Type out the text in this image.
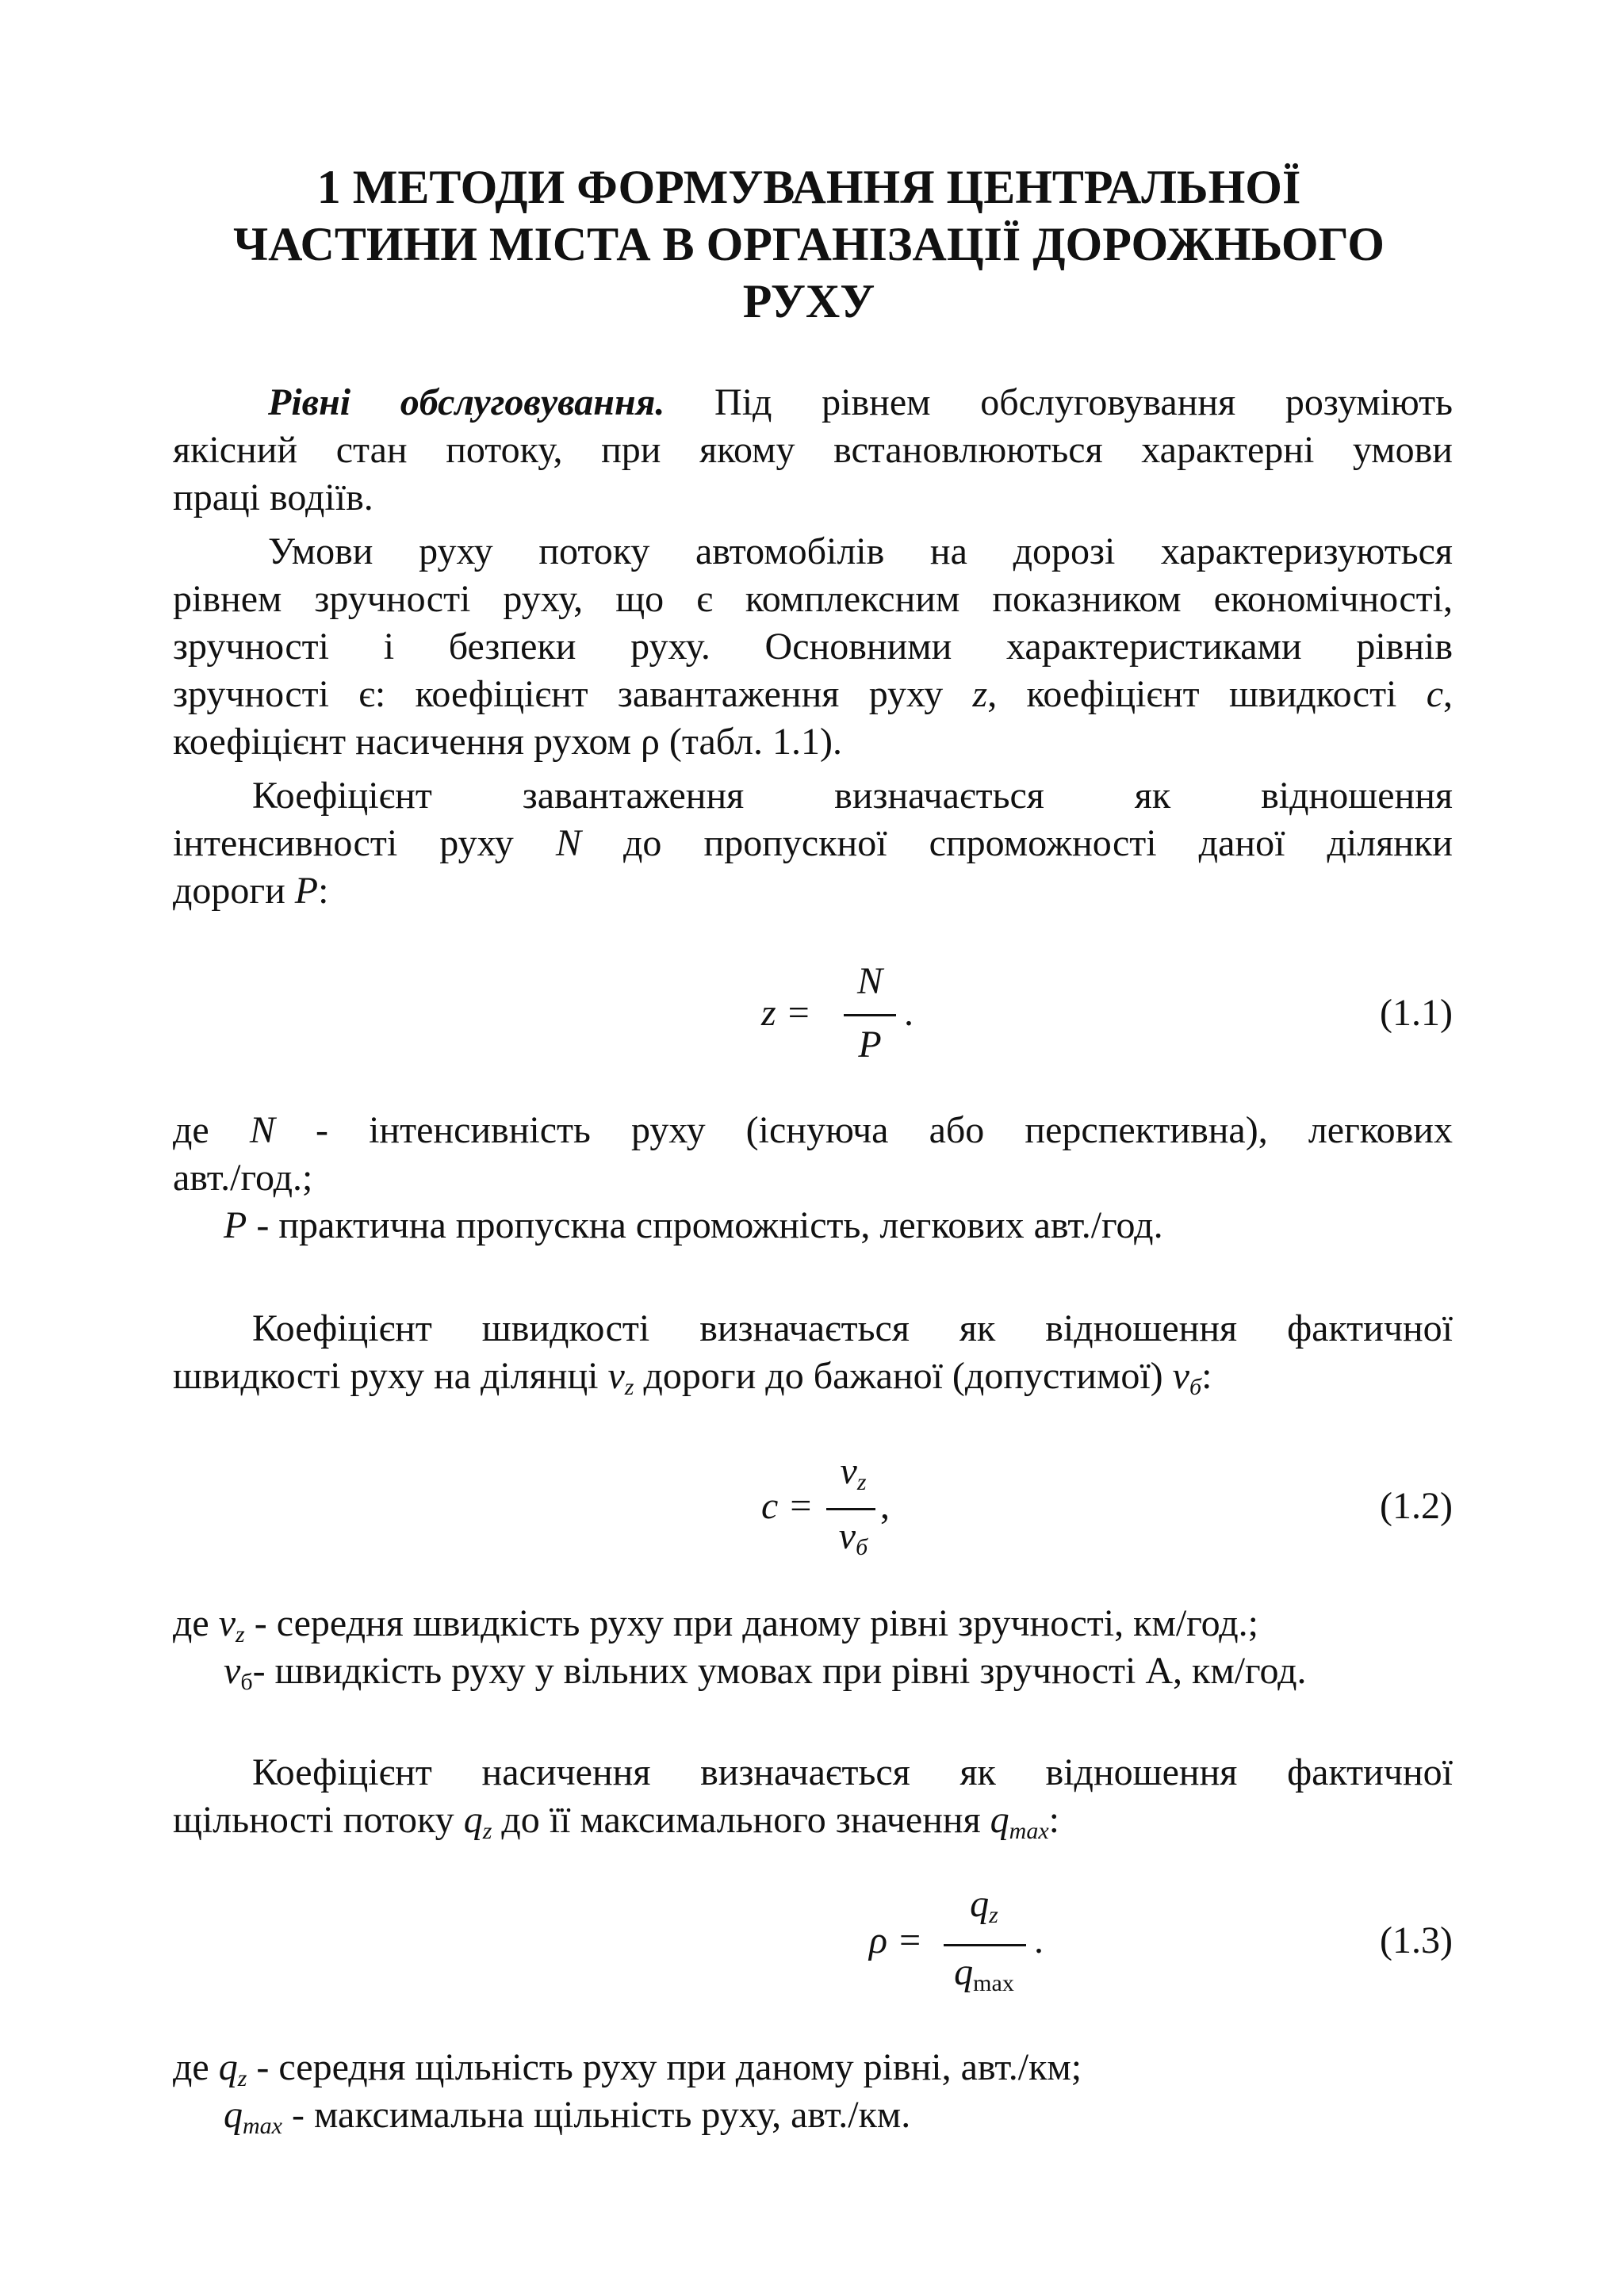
1 МЕТОДИ ФОРМУВАННЯ ЦЕНТРАЛЬНОЇ
ЧАСТИНИ МІСТА В ОРГАНІЗАЦІЇ ДОРОЖНЬОГО
РУХУ
Рівні обслуговування. Під рівнем обслуговування розуміють
якісний стан потоку, при якому встановлюються характерні умови
праці водіїв.
Умови руху потоку автомобілів на дорозі характеризуються
рівнем зручності руху, що є комплексним показником економічності,
зручності і безпеки руху. Основними характеристиками рівнів
зручності є: коефіцієнт завантаження руху z, коефіцієнт швидкості c,
коефіцієнт насичення рухом ρ (табл. 1.1).
Коефіцієнт завантаження визначається як відношення
інтенсивності руху N до пропускної спроможності даної ділянки
дороги P:
z =
N
P
.	(1.1)
де N - інтенсивність руху (існуюча або перспективна), легкових
авт./год.;
P - практична пропускна спроможність, легкових авт./год.
Коефіцієнт швидкості визначається як відношення фактичної
швидкості руху на ділянці $v_z$ дороги до бажаної (допустимої) $v_б$:
c =
$v_z$
$v_б$
,	(1.2)
де $v_z$ - середня швидкість руху при даному рівні зручності, км/год.;
$v_б-$ швидкість руху у вільних умовах при рівні зручності А, км/год.
Коефіцієнт насичення визначається як відношення фактичної
щільності потоку $q_z$ до її максимального значення $q_{max}$:
ρ =
$q_z$
$q_{max}$
.	(1.3)
де $q_z$ - середня щільність руху при даному рівні, авт./км;
$q_{max}$ - максимальна щільність руху, авт./км.
